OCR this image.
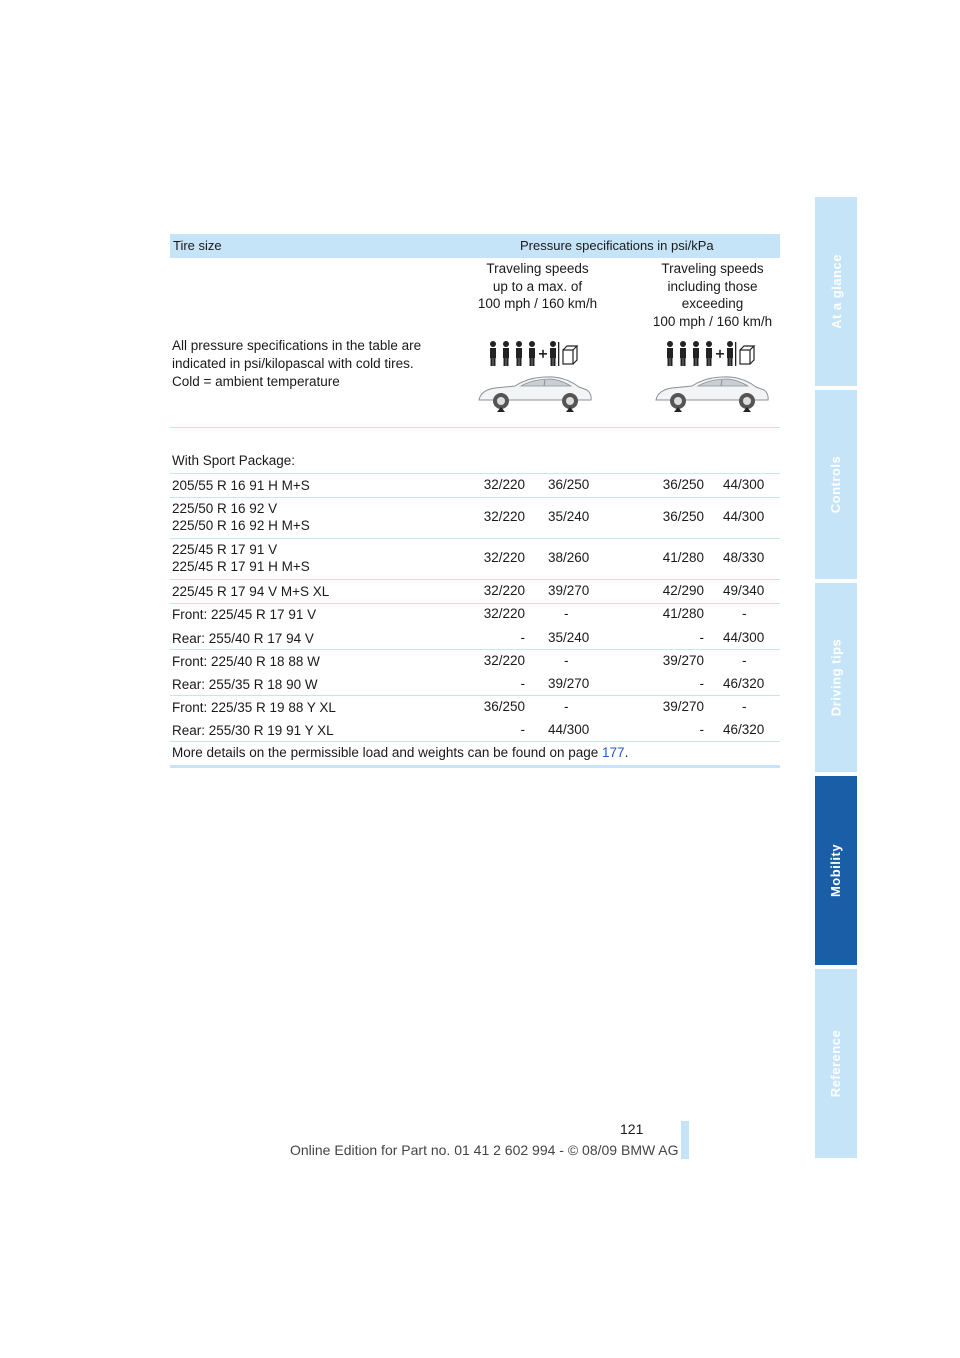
At a glance
Controls
Driving tips
Mobility
Reference
Tire size	Pressure specifications in psi/kPa
Traveling speeds
up to a max. of
100 mph / 160 km/h
Traveling speeds
including those
exceeding
100 mph / 160 km/h
All pressure specifications in the table are
indicated in psi/kilopascal with cold tires.
Cold = ambient temperature
With Sport Package:
205/55 R 16 91 H M+S	32/220 36/250	36/250 44/300
225/50 R 16 92 V
225/50 R 16 92 H M+S
32/220 35/240	36/250 44/300
225/45 R 17 91 V
225/45 R 17 91 H M+S
32/220 38/260	41/280 48/330
225/45 R 17 94 V M+S XL	32/220 39/270	42/290 49/340
Front: 225/45 R 17 91 V	32/220	-	41/280	-
Rear: 255/40 R 17 94 V	- 35/240	- 44/300
Front: 225/40 R 18 88 W	32/220	-	39/270	-
Rear: 255/35 R 18 90 W	- 39/270	- 46/320
Front: 225/35 R 19 88 Y XL	36/250	-	39/270	-
Rear: 255/30 R 19 91 Y XL	- 44/300	- 46/320
More details on the permissible load and weights can be found on page 177.
121
Online Edition for Part no. 01 41 2 602 994 - © 08/09 BMW AG
